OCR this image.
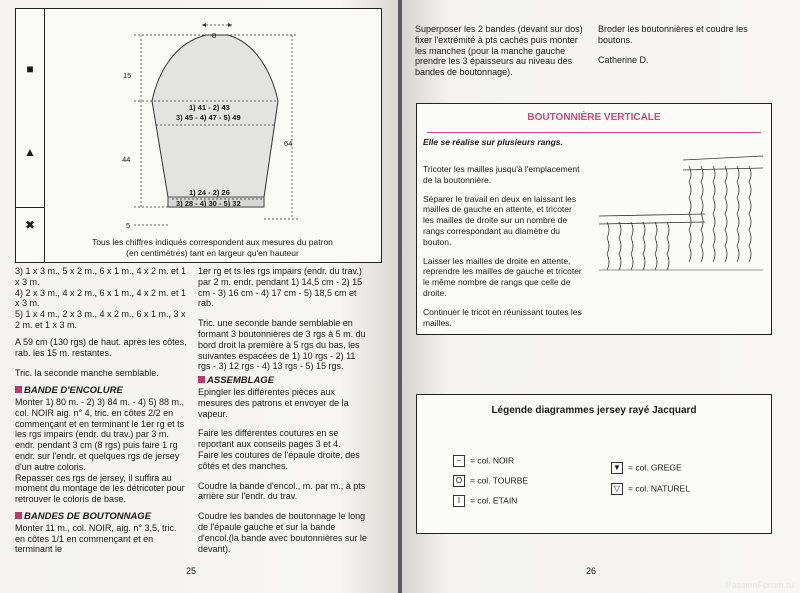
■
▲
✖
8
15
44
64
5
1) 41 - 2) 43
3) 45 - 4) 47 - 5) 49
1) 24 - 2) 26
3) 28 - 4) 30 - 5) 32
Tous les chiffres indiqués correspondent aux mesures du patron
(en centimètres) tant en largeur qu'en hauteur
3) 1 x 3 m., 5 x 2 m., 6 x 1 m., 4 x 2 m. et 1 x 3 m.
4) 2 x 3 m., 4 x 2 m., 6 x 1 m., 4 x 2 m. et 1 x 3 m.
5) 1 x 4 m., 2 x 3 m., 4 x 2 m., 6 x 1 m., 3 x 2 m. et 1 x 3 m.
A 59 cm (130 rgs) de haut. après les côtes, rab. les 15 m. restantes.
Tric. la seconde manche semblable.
BANDE D'ENCOLURE
Monter 1) 80 m. - 2) 3) 84 m. - 4) 5) 88 m., col. NOIR aig. n° 4, tric. en côtes 2/2 en commençant et en terminant le 1er rg et ts les rgs impairs (endr. du trav.) par 3 m. endr. pendant 3 cm (8 rgs) puis faire 1 rg endr. sur l'endr. et quelques rgs de jersey d'un autre coloris.
Repasser ces rgs de jersey, il suffira au moment du montage de les détricoter pour retrouver le coloris de base.
BANDES DE BOUTONNAGE
Monter 11 m., col. NOIR, aig. n° 3,5, tric. en côtes 1/1 en commençant et en terminant le
1er rg et ts les rgs impairs (endr. du trav.) par 2 m. endr. pendant 1) 14,5 cm - 2) 15 cm - 3) 16 cm - 4) 17 cm - 5) 18,5 cm et rab.
Tric. une seconde bande semblable en formant 3 boutonnières de 3 rgs à 5 m. du bord droit la première à 5 rgs du bas, les suivantes espacées de 1) 10 rgs - 2) 11 rgs - 3) 12 rgs - 4) 13 rgs - 5) 15 rgs.
ASSEMBLAGE
Epingler les différentes pièces aux mesures des patrons et envoyer de la vapeur.
Faire les différentes coutures en se reportant aux conseils pages 3 et 4.
Faire les coutures de l'épaule droite, des côtés et des manches.
Coudre la bande d'encol., m. par m., à pts arrière sur l'endr. du trav.
Coudre les bandes de boutonnage le long de l'épaule gauche et sur la bande d'encol.(la bande avec boutonnières sur le devant).
25
Superposer les 2 bandes (devant sur dos) fixer l'extrémité à pts cachés puis monter les manches (pour la manche gauche prendre les 3 épaisseurs au niveau des bandes de boutonnage).
Broder les boutonnières et coudre les boutons.
Catherine D.
BOUTONNIÈRE VERTICALE
Elle se réalise sur plusieurs rangs.
Tricoter les mailles jusqu'à l'emplacement de la boutonnière.
Séparer le travail en deux en laissant les mailles de gauche en attente, et tricoter les mailles de droite sur un nombre de rangs correspondant au diamètre du bouton.
Laisser les mailles de droite en attente, reprendre les mailles de gauche et tricoter le même nombre de rangs que celle de droite.
Continuer le tricot en réunissant toutes les mailles.
Légende diagrammes jersey rayé Jacquard
− = col. NOIR
O = col. TOURBE
I = col. ETAIN
▼ = col. GREGE
▽ = col. NATUREL
26
PassionForum.ru
